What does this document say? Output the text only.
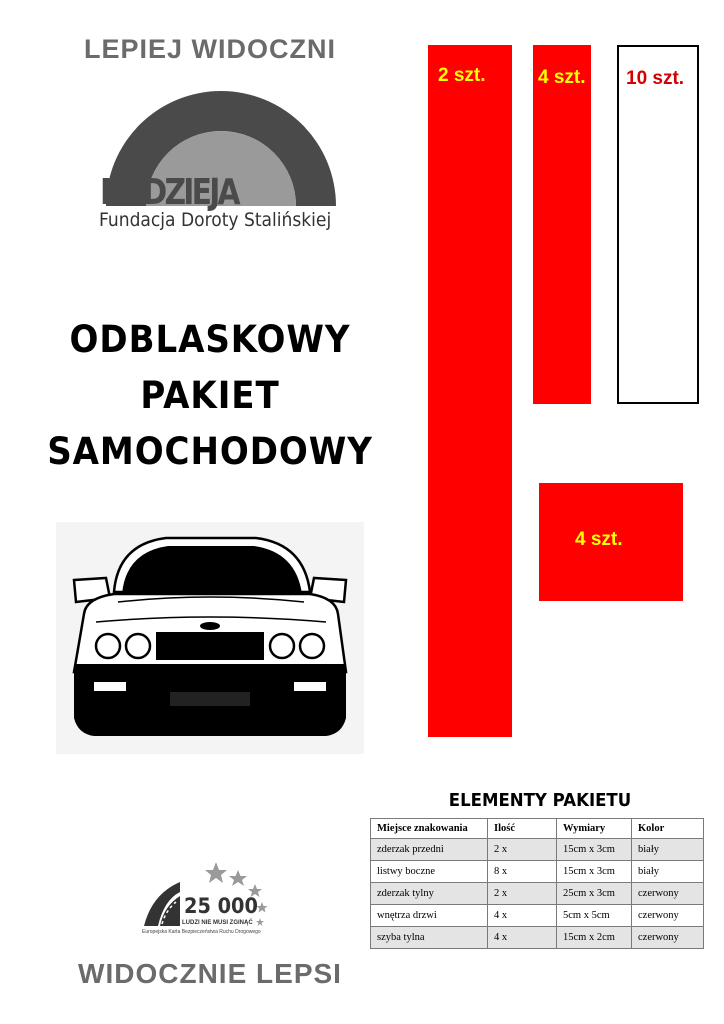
LEPIEJ WIDOCZNI
NADZIEJA
Fundacja Doroty Stalińskiej
ODBLASKOWY
PAKIET
SAMOCHODOWY
2 szt.	4 szt. 10 szt.
4 szt.
ELEMENTY PAKIETU
Miejsce znakowania	Ilość	Wymiary	Kolor
zderzak przedni	2 x	15cm x 3cm	biały
listwy boczne	8 x	15cm x 3cm	biały
zderzak tylny	2 x	25cm x 3cm	czerwony
wnętrza drzwi	4 x	5cm x 5cm	czerwony
szyba tylna	4 x	15cm x 2cm	czerwony
25 000
LUDZI NIE MUSI ZGINĄĆ
Europejska Karta Bezpieczeństwa Ruchu Drogowego
WIDOCZNIE LEPSI
